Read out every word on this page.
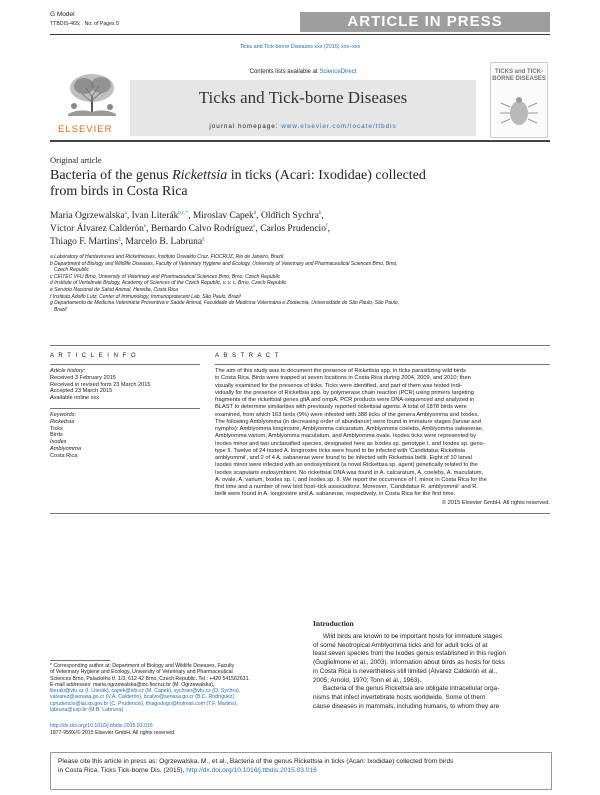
G Model
TTBDIS-465; No. of Pages 5	ARTICLE IN PRESS
Ticks and Tick-borne Diseases xxx (2015) xxx–xxx
ELSEVIER
Contents lists available at ScienceDirect
Ticks and Tick-borne Diseases
journal homepage: www.elsevier.com/locate/ttbdis
TICKS and TICK-BORNE DISEASES
Original article
Bacteria of the genus Rickettsia in ticks (Acari: Ixodidae) collected
from birds in Costa Rica
Maria Ogrzewalska$^a$, Ivan Literák$^{b,c,*}$, Miroslav Capek$^d$, Oldřich Sychra$^b$,
Víctor Álvarez Calderón$^e$, Bernardo Calvo Rodríguez$^e$, Carlos Prudencio$^f$,
Thiago F. Martins$^g$, Marcelo B. Labruna$^g$
a Laboratory of Hantaviruses and Rickettsioses, Instituto Oswaldo Cruz, FIOCRUZ, Rio de Janeiro, Brazil
b Department of Biology and Wildlife Diseases, Faculty of Veterinary Hygiene and Ecology, University of Veterinary and Pharmaceutical Sciences Brno, Brno,
Czech Republic
c CEITEC VFU Brno, University of Veterinary and Pharmaceutical Sciences Brno, Brno, Czech Republic
d Institute of Vertebrate Biology, Academy of Sciences of the Czech Republic, v. v. i., Brno, Czech Republic
e Servicio Nacional de Salud Animal, Heredia, Costa Rica
f Instituto Adolfo Lutz, Center of Immunology, Immunoprotecent Lab, São Paulo, Brazil
g Departamento de Medicina Veterinária Preventiva e Saúde Animal, Faculdade de Medicina Veterinária e Zootecnia, Universidade de São Paulo, São Paulo,
Brazil
A R T I C L E I N F O
Article history:
Received 3 February 2015
Received in revised form 23 March 2015
Accepted 23 March 2015
Available online xxx
Keywords:
Rickettsia
Ticks
Birds
Ixodes
Amblyomma
Costa Rica
A B S T R A C T
The aim of this study was to document the presence of Rickettsia spp. in ticks parasitizing wild birds
in Costa Rica. Birds were trapped at seven locations in Costa Rica during 2004, 2009, and 2010; then
visually examined for the presence of ticks. Ticks were identified, and part of them was tested indi-
vidually for the presence of Rickettsia spp. by polymerase chain reaction (PCR) using primers targeting
fragments of the rickettsial genes gltA and ompA. PCR products were DNA-sequenced and analyzed in
BLAST to determine similarities with previously reported rickettsial agents. A total of 1878 birds were
examined, from which 163 birds (9%) were infested with 388 ticks of the genera Amblyomma and Ixodes.
The following Amblyomma (in decreasing order of abundance) were found in immature stages (larvae and
nymphs): Amblyomma longirostre, Amblyomma calcaratum, Amblyomma coelebs, Amblyomma sabanerae,
Amblyomma varium, Amblyomma maculatum, and Amblyomma ovale. Ixodes ticks were represented by
Ixodes minor and two unclassified species, designated here as Ixodes sp. genotype I, and Ixodes sp. geno-
type II. Twelve of 24 tested A. longirostre ticks were found to be infected with 'Candidatus Rickettsia
amblyommii', and 2 of 4 A. sabanerae were found to be infected with Rickettsia bellii. Eight of 10 larval
Ixodes minor were infected with an endosymbiont (a novel Rickettsia sp. agent) genetically related to the
Ixodes scapularis endosymbiont. No rickettsial DNA was found in A. calcaratum, A. coelebs, A. maculatum,
A. ovale, A. varium, Ixodes sp. I, and Ixodes sp. II. We report the occurrence of I. minor in Costa Rica for the
first time and a number of new bird host–tick associations. Moreover, 'Candidatus R. amblyommii' and R.
bellii were found in A. longirostre and A. sabanerae, respectively, in Costa Rica for the first time.
© 2015 Elsevier GmbH. All rights reserved.
Introduction
Wild birds are known to be important hosts for immature stages
of some Neotropical Amblyomma ticks and for adult ticks of at
least seven species from the Ixodes genus established in this region
(Guglielmone et al., 2003). Information about birds as hosts for ticks
in Costa Rica is nevertheless still limited (Álvarez Calderón et al.,
2005; Arnold, 1970; Tonn et al., 1963).
Bacteria of the genus Rickettsia are obligate intracellular orga-
nisms that infect invertebrate hosts worldwide. Some of them
cause diseases in mammals, including humans, to whom they are
* Corresponding author at: Department of Biology and Wildlife Diseases, Faculty
of Veterinary Hygiene and Ecology, University of Veterinary and Pharmaceutical
Sciences Brno, Palackého tř. 1/3, 612 42 Brno, Czech Republic. Tel.: +420 541562631.
E-mail addresses: maria.ogrzewalska@ioc.fiocruz.br (M. Ogrzewalska),
literaki@vfu.cz (I. Literák), capek@ivb.cz (M. Capek), sychrao@vfu.cz (O. Sychra),
valvarez@senasa.go.cr (V.Á. Calderón), bcalvo@senasa.go.cr (B.C. Rodríguez),
cprudencio@ial.sp.gov.br (C. Prudencio), thiagodogo@hotmail.com (T.F. Martins),
labruna@usp.br (M.B. Labruna).
http://dx.doi.org/10.1016/j.ttbdis.2015.03.016
1877-959X/© 2015 Elsevier GmbH. All rights reserved.
Please cite this article in press as: Ogrzewalska, M., et al., Bacteria of the genus Rickettsia in ticks (Acari: Ixodidae) collected from birds
in Costa Rica. Ticks Tick-borne Dis. (2015), http://dx.doi.org/10.1016/j.ttbdis.2015.03.016
